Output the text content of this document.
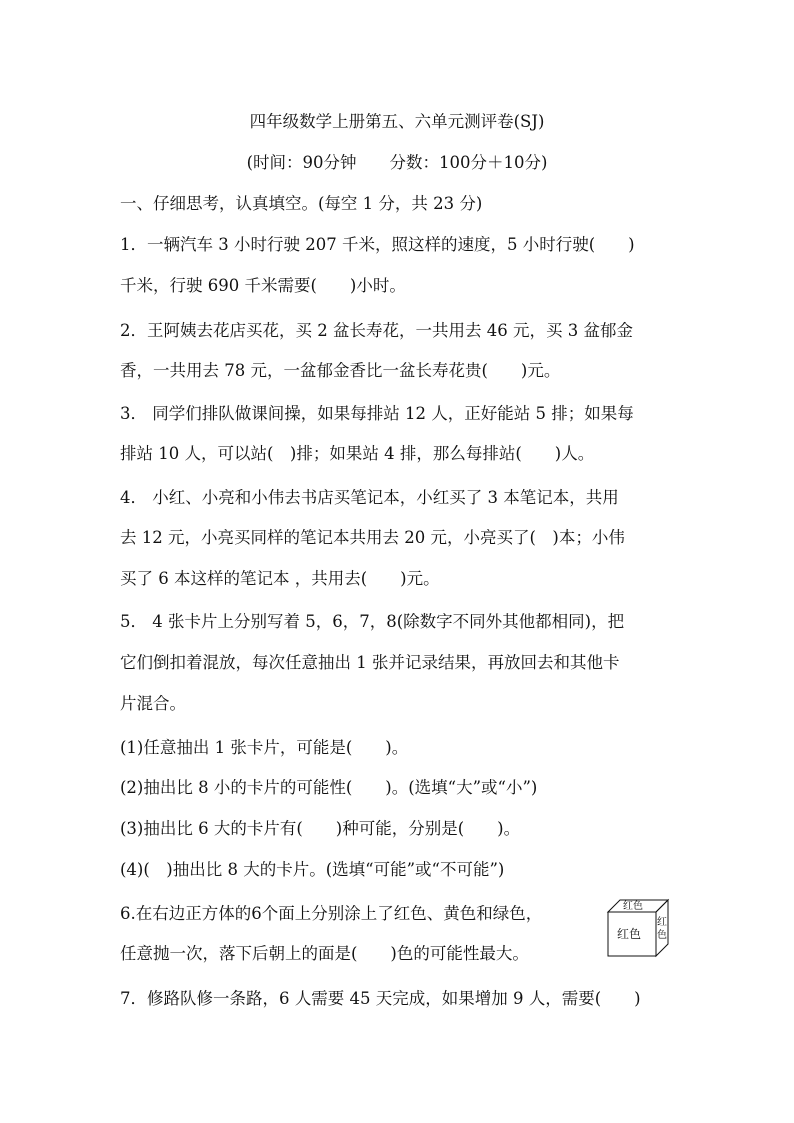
四年级数学上册第五、六单元测评卷(SJ)
(时间：90分钟　　分数：100分＋10分)
一、仔细思考，认真填空。(每空 1 分，共 23 分)
1．一辆汽车 3 小时行驶 207 千米，照这样的速度，5 小时行驶(　　)
千米，行驶 690 千米需要(　　)小时。
2．王阿姨去花店买花，买 2 盆长寿花，一共用去 46 元，买 3 盆郁金
香，一共用去 78 元，一盆郁金香比一盆长寿花贵(　　)元。
3． 同学们排队做课间操，如果每排站 12 人，正好能站 5 排；如果每
排站 10 人，可以站(　)排；如果站 4 排，那么每排站(　　)人。
4． 小红、小亮和小伟去书店买笔记本，小红买了 3 本笔记本，共用
去 12 元，小亮买同样的笔记本共用去 20 元，小亮买了(　)本；小伟
买了 6 本这样的笔记本 ，共用去(　　)元。
5． 4 张卡片上分别写着 5，6，7，8(除数字不同外其他都相同)，把
它们倒扣着混放，每次任意抽出 1 张并记录结果，再放回去和其他卡
片混合。
(1)任意抽出 1 张卡片，可能是(　　)。
(2)抽出比 8 小的卡片的可能性(　　)。(选填“大”或“小”)
(3)抽出比 6 大的卡片有(　　)种可能，分别是(　　)。
(4)(　)抽出比 8 大的卡片。(选填“可能”或“不可能”)
6.在右边正方体的6个面上分别涂上了红色、黄色和绿色，
任意抛一次，落下后朝上的面是(　　)色的可能性最大。
红色
红色
红
色
7．修路队修一条路，6 人需要 45 天完成，如果增加 9 人，需要(　　)
